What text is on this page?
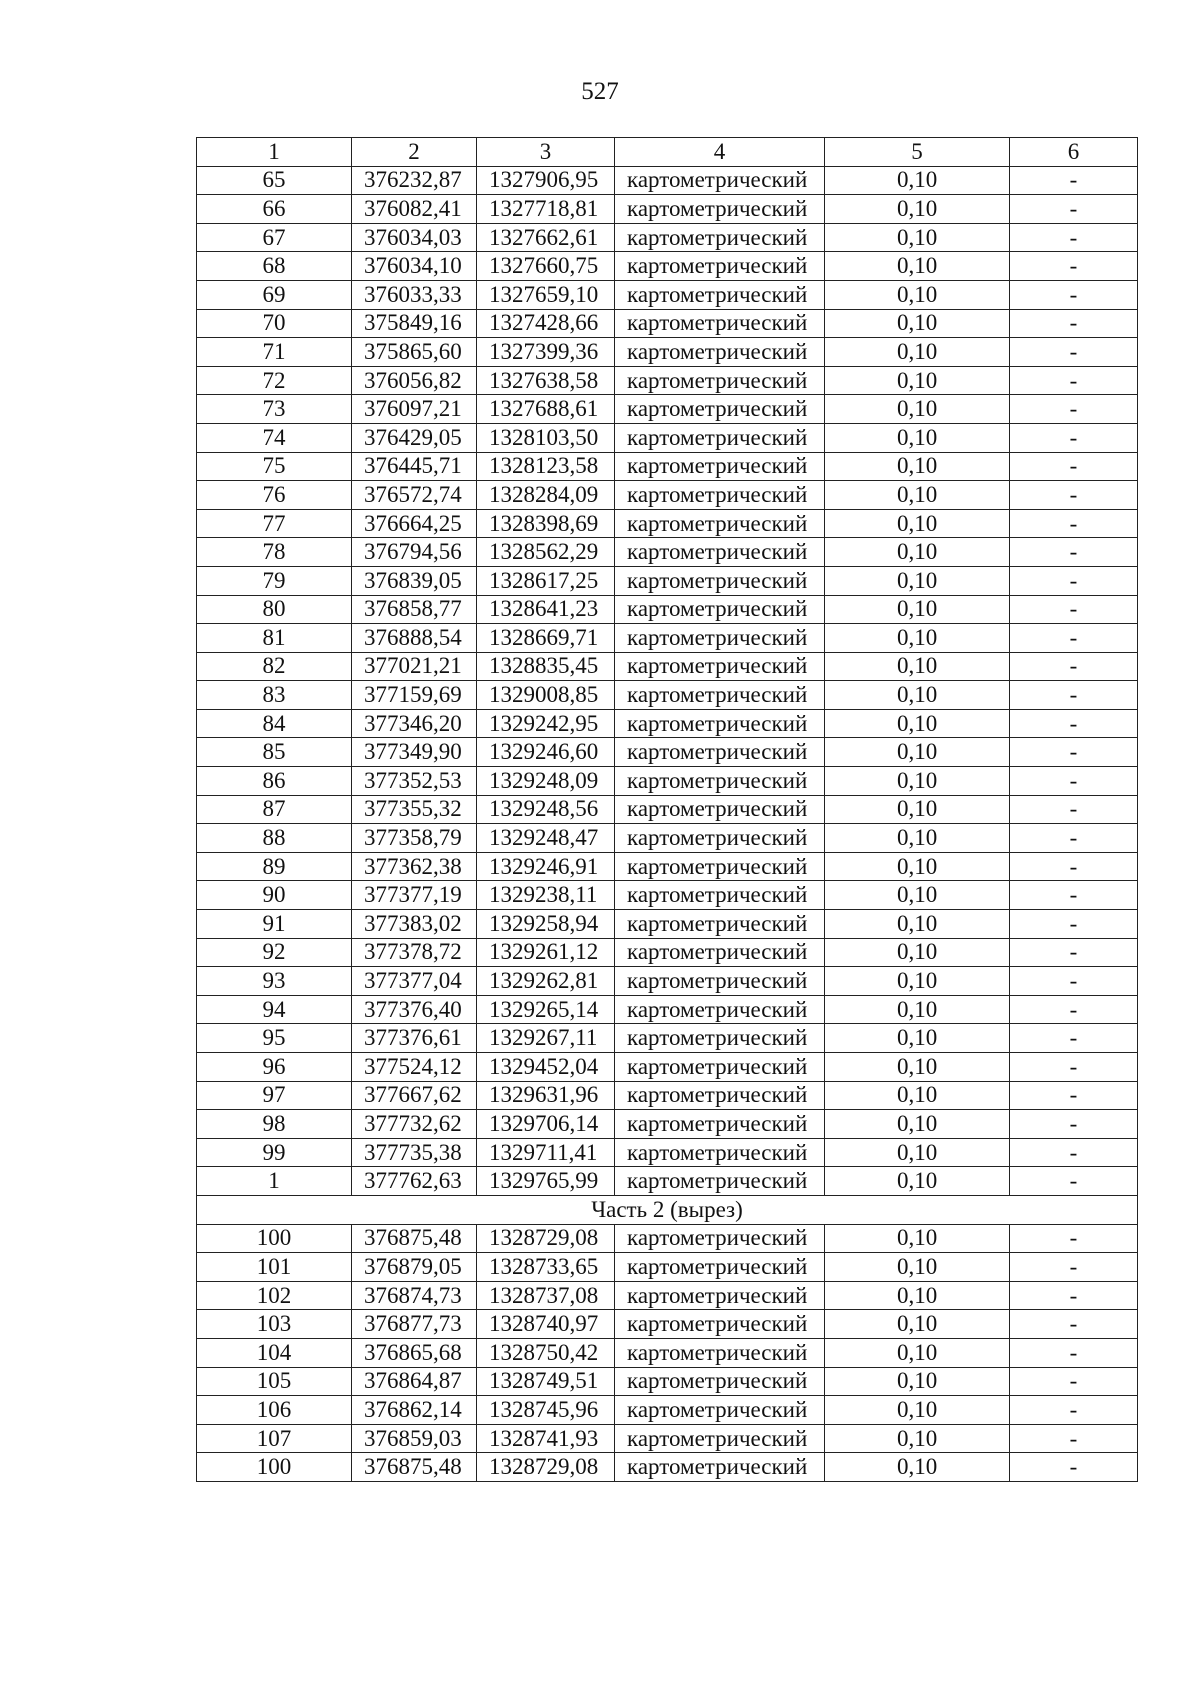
527
1	2	3	4	5	6
65	376232,87	1327906,95	картометрический	0,10	-
66	376082,41	1327718,81	картометрический	0,10	-
67	376034,03	1327662,61	картометрический	0,10	-
68	376034,10	1327660,75	картометрический	0,10	-
69	376033,33	1327659,10	картометрический	0,10	-
70	375849,16	1327428,66	картометрический	0,10	-
71	375865,60	1327399,36	картометрический	0,10	-
72	376056,82	1327638,58	картометрический	0,10	-
73	376097,21	1327688,61	картометрический	0,10	-
74	376429,05	1328103,50	картометрический	0,10	-
75	376445,71	1328123,58	картометрический	0,10	-
76	376572,74	1328284,09	картометрический	0,10	-
77	376664,25	1328398,69	картометрический	0,10	-
78	376794,56	1328562,29	картометрический	0,10	-
79	376839,05	1328617,25	картометрический	0,10	-
80	376858,77	1328641,23	картометрический	0,10	-
81	376888,54	1328669,71	картометрический	0,10	-
82	377021,21	1328835,45	картометрический	0,10	-
83	377159,69	1329008,85	картометрический	0,10	-
84	377346,20	1329242,95	картометрический	0,10	-
85	377349,90	1329246,60	картометрический	0,10	-
86	377352,53	1329248,09	картометрический	0,10	-
87	377355,32	1329248,56	картометрический	0,10	-
88	377358,79	1329248,47	картометрический	0,10	-
89	377362,38	1329246,91	картометрический	0,10	-
90	377377,19	1329238,11	картометрический	0,10	-
91	377383,02	1329258,94	картометрический	0,10	-
92	377378,72	1329261,12	картометрический	0,10	-
93	377377,04	1329262,81	картометрический	0,10	-
94	377376,40	1329265,14	картометрический	0,10	-
95	377376,61	1329267,11	картометрический	0,10	-
96	377524,12	1329452,04	картометрический	0,10	-
97	377667,62	1329631,96	картометрический	0,10	-
98	377732,62	1329706,14	картометрический	0,10	-
99	377735,38	1329711,41	картометрический	0,10	-
1	377762,63	1329765,99	картометрический	0,10	-
Часть 2 (вырез)					
100	376875,48	1328729,08	картометрический	0,10	-
101	376879,05	1328733,65	картометрический	0,10	-
102	376874,73	1328737,08	картометрический	0,10	-
103	376877,73	1328740,97	картометрический	0,10	-
104	376865,68	1328750,42	картометрический	0,10	-
105	376864,87	1328749,51	картометрический	0,10	-
106	376862,14	1328745,96	картометрический	0,10	-
107	376859,03	1328741,93	картометрический	0,10	-
100	376875,48	1328729,08	картометрический	0,10	-
